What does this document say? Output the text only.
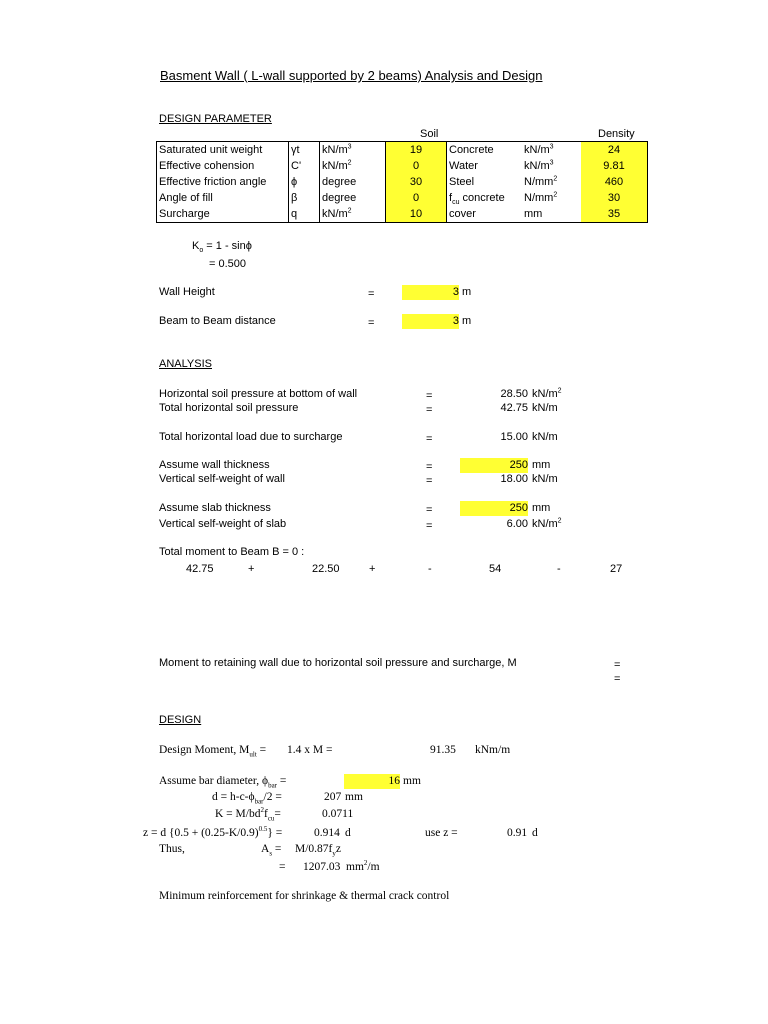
Basment Wall ( L-wall supported by 2 beams) Analysis and Design
DESIGN PARAMETER
Soil	Density
Saturated unit weight	γt	$kN/m^3$	19	Concrete	$kN/m^3$	24
Effective cohension	C'	$kN/m^2$	0	Water	$kN/m^3$	9.81
Effective friction angle	ϕ	degree	30	Steel	$N/mm^2$	460
Angle of fill	β	degree	0	$f_{cu}$ concrete	$N/mm^2$	30
Surcharge	q	$kN/m^2$	10	cover	mm	35
$K_o = 1 - \sin\phi$
= 0.500
Wall Height	=	3 m
Beam to Beam distance	=	3 m
ANALYSIS
Horizontal soil pressure at bottom of wall	=	28.50 $kN/m^2$
Total horizontal soil pressure	=	42.75 kN/m
Total horizontal load due to surcharge	=	15.00 kN/m
Assume wall thickness	=	250 mm
Vertical self-weight of wall	=	18.00 kN/m
Assume slab thickness	=	250 mm
Vertical self-weight of slab	=	6.00 $kN/m^2$
Total moment to Beam B = 0 :
42.75	+	22.50	+	-	54	-	27
Moment to retaining wall due to horizontal soil pressure and surcharge, M	=
=
DESIGN
Design Moment, $M_{ult} = 1.4$ x M =	91.35 kNm/m
Assume bar diameter, $\phi_{bar}$ =	16 mm
$d = h-c-\phi_{bar}/2$ =	207 mm
$K = M/bd^2f_{cu}=$	0.0711
z = d $\{0.5 + (0.25-K/0.9)^{0.5}\}$ =	0.914 d	use z =	0.91 d
Thus,	$A_s = M/0.87f_yz$
= 1207.03 $mm^2/m$
Minimum reinforcement for shrinkage & thermal crack control
